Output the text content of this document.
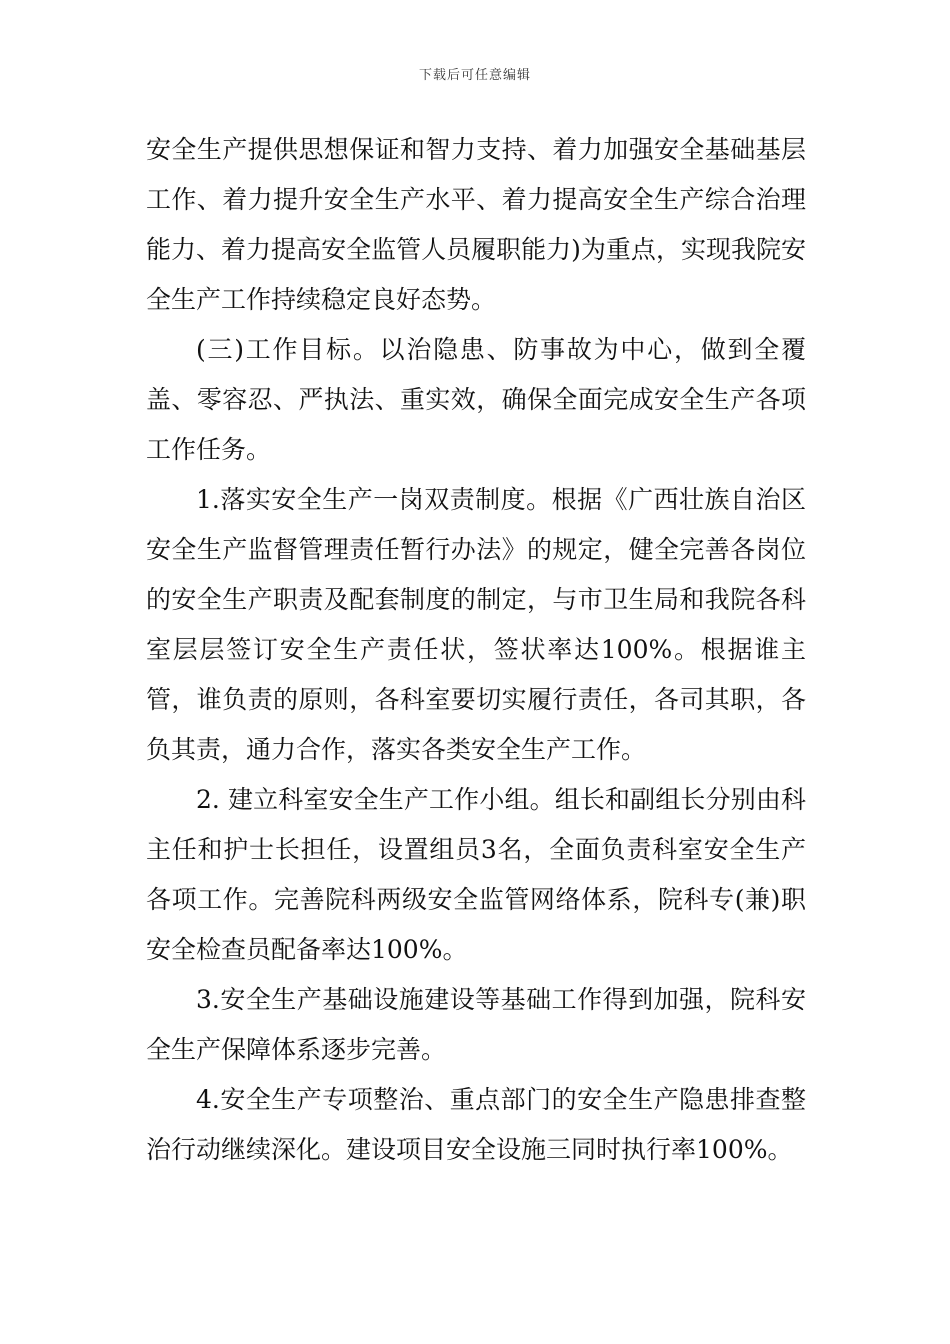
下载后可任意编辑

安全生产提供思想保证和智力支持、着力加强安全基础基层工作、着力提升安全生产水平、着力提高安全生产综合治理能力、着力提高安全监管人员履职能力)为重点，实现我院安全生产工作持续稳定良好态势。

(三)工作目标。以治隐患、防事故为中心，做到全覆盖、零容忍、严执法、重实效，确保全面完成安全生产各项工作任务。

1.落实安全生产一岗双责制度。根据《广西壮族自治区安全生产监督管理责任暂行办法》的规定，健全完善各岗位的安全生产职责及配套制度的制定，与市卫生局和我院各科室层层签订安全生产责任状，签状率达100%。根据谁主管，谁负责的原则，各科室要切实履行责任，各司其职，各负其责，通力合作，落实各类安全生产工作。

2. 建立科室安全生产工作小组。组长和副组长分别由科主任和护士长担任，设置组员3名，全面负责科室安全生产各项工作。完善院科两级安全监管网络体系，院科专(兼)职安全检查员配备率达100%。

3.安全生产基础设施建设等基础工作得到加强，院科安全生产保障体系逐步完善。

4.安全生产专项整治、重点部门的安全生产隐患排查整治行动继续深化。建设项目安全设施三同时执行率100%。
